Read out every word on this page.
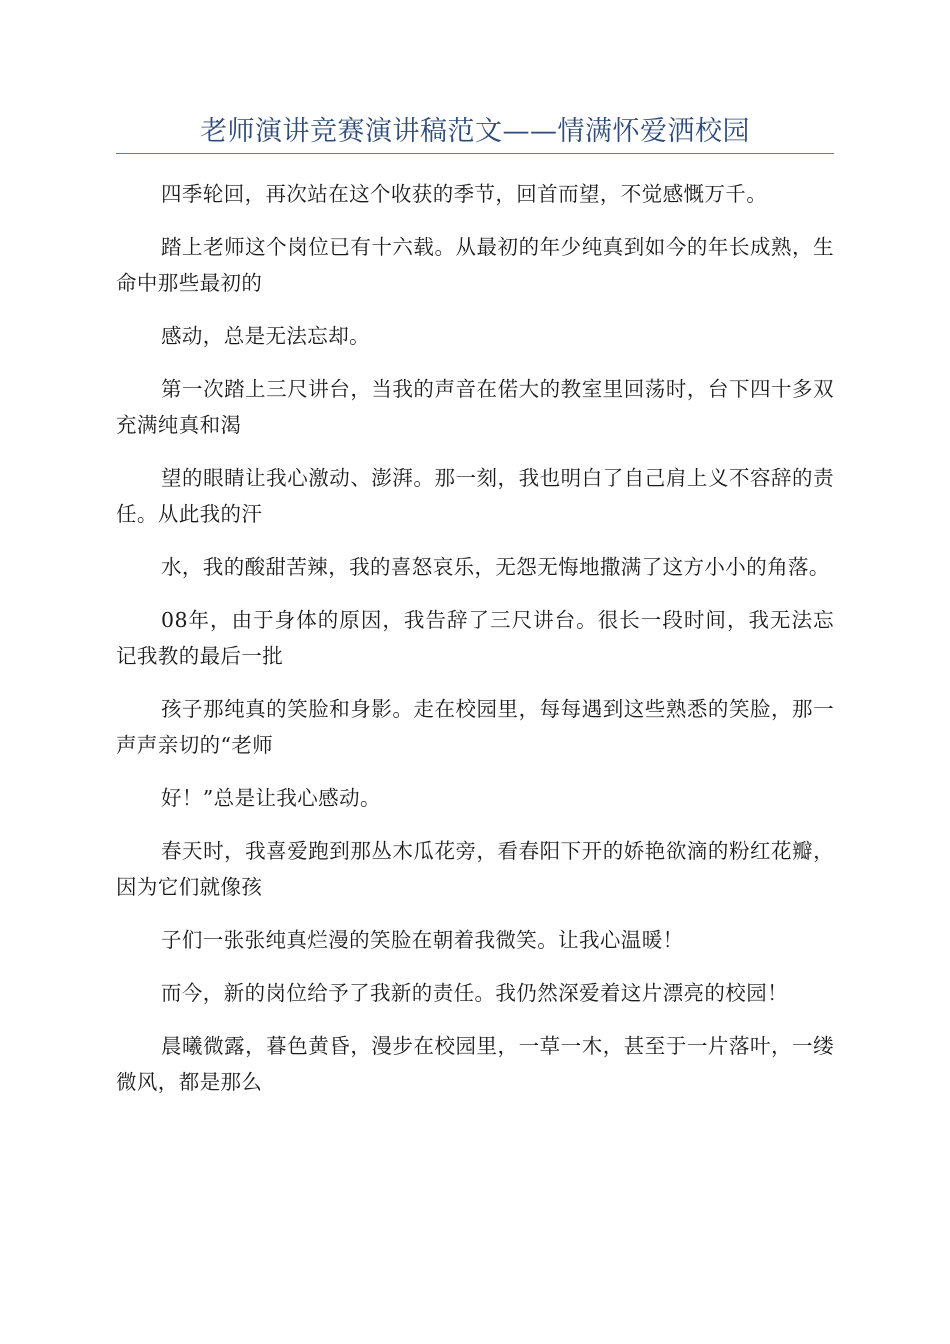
老师演讲竞赛演讲稿范文——情满怀爱洒校园

四季轮回，再次站在这个收获的季节，回首而望，不觉感慨万千。

踏上老师这个岗位已有十六载。从最初的年少纯真到如今的年长成熟，生命中那些最初的

感动，总是无法忘却。

第一次踏上三尺讲台，当我的声音在偌大的教室里回荡时，台下四十多双充满纯真和渴

望的眼睛让我心激动、澎湃。那一刻，我也明白了自己肩上义不容辞的责任。从此我的汗

水，我的酸甜苦辣，我的喜怒哀乐，无怨无悔地撒满了这方小小的角落。

08年，由于身体的原因，我告辞了三尺讲台。很长一段时间，我无法忘记我教的最后一批

孩子那纯真的笑脸和身影。走在校园里，每每遇到这些熟悉的笑脸，那一声声亲切的“老师

好！”总是让我心感动。

春天时，我喜爱跑到那丛木瓜花旁，看春阳下开的娇艳欲滴的粉红花瓣，因为它们就像孩

子们一张张纯真烂漫的笑脸在朝着我微笑。让我心温暖！

而今，新的岗位给予了我新的责任。我仍然深爱着这片漂亮的校园！

晨曦微露，暮色黄昏，漫步在校园里，一草一木，甚至于一片落叶，一缕微风，都是那么
